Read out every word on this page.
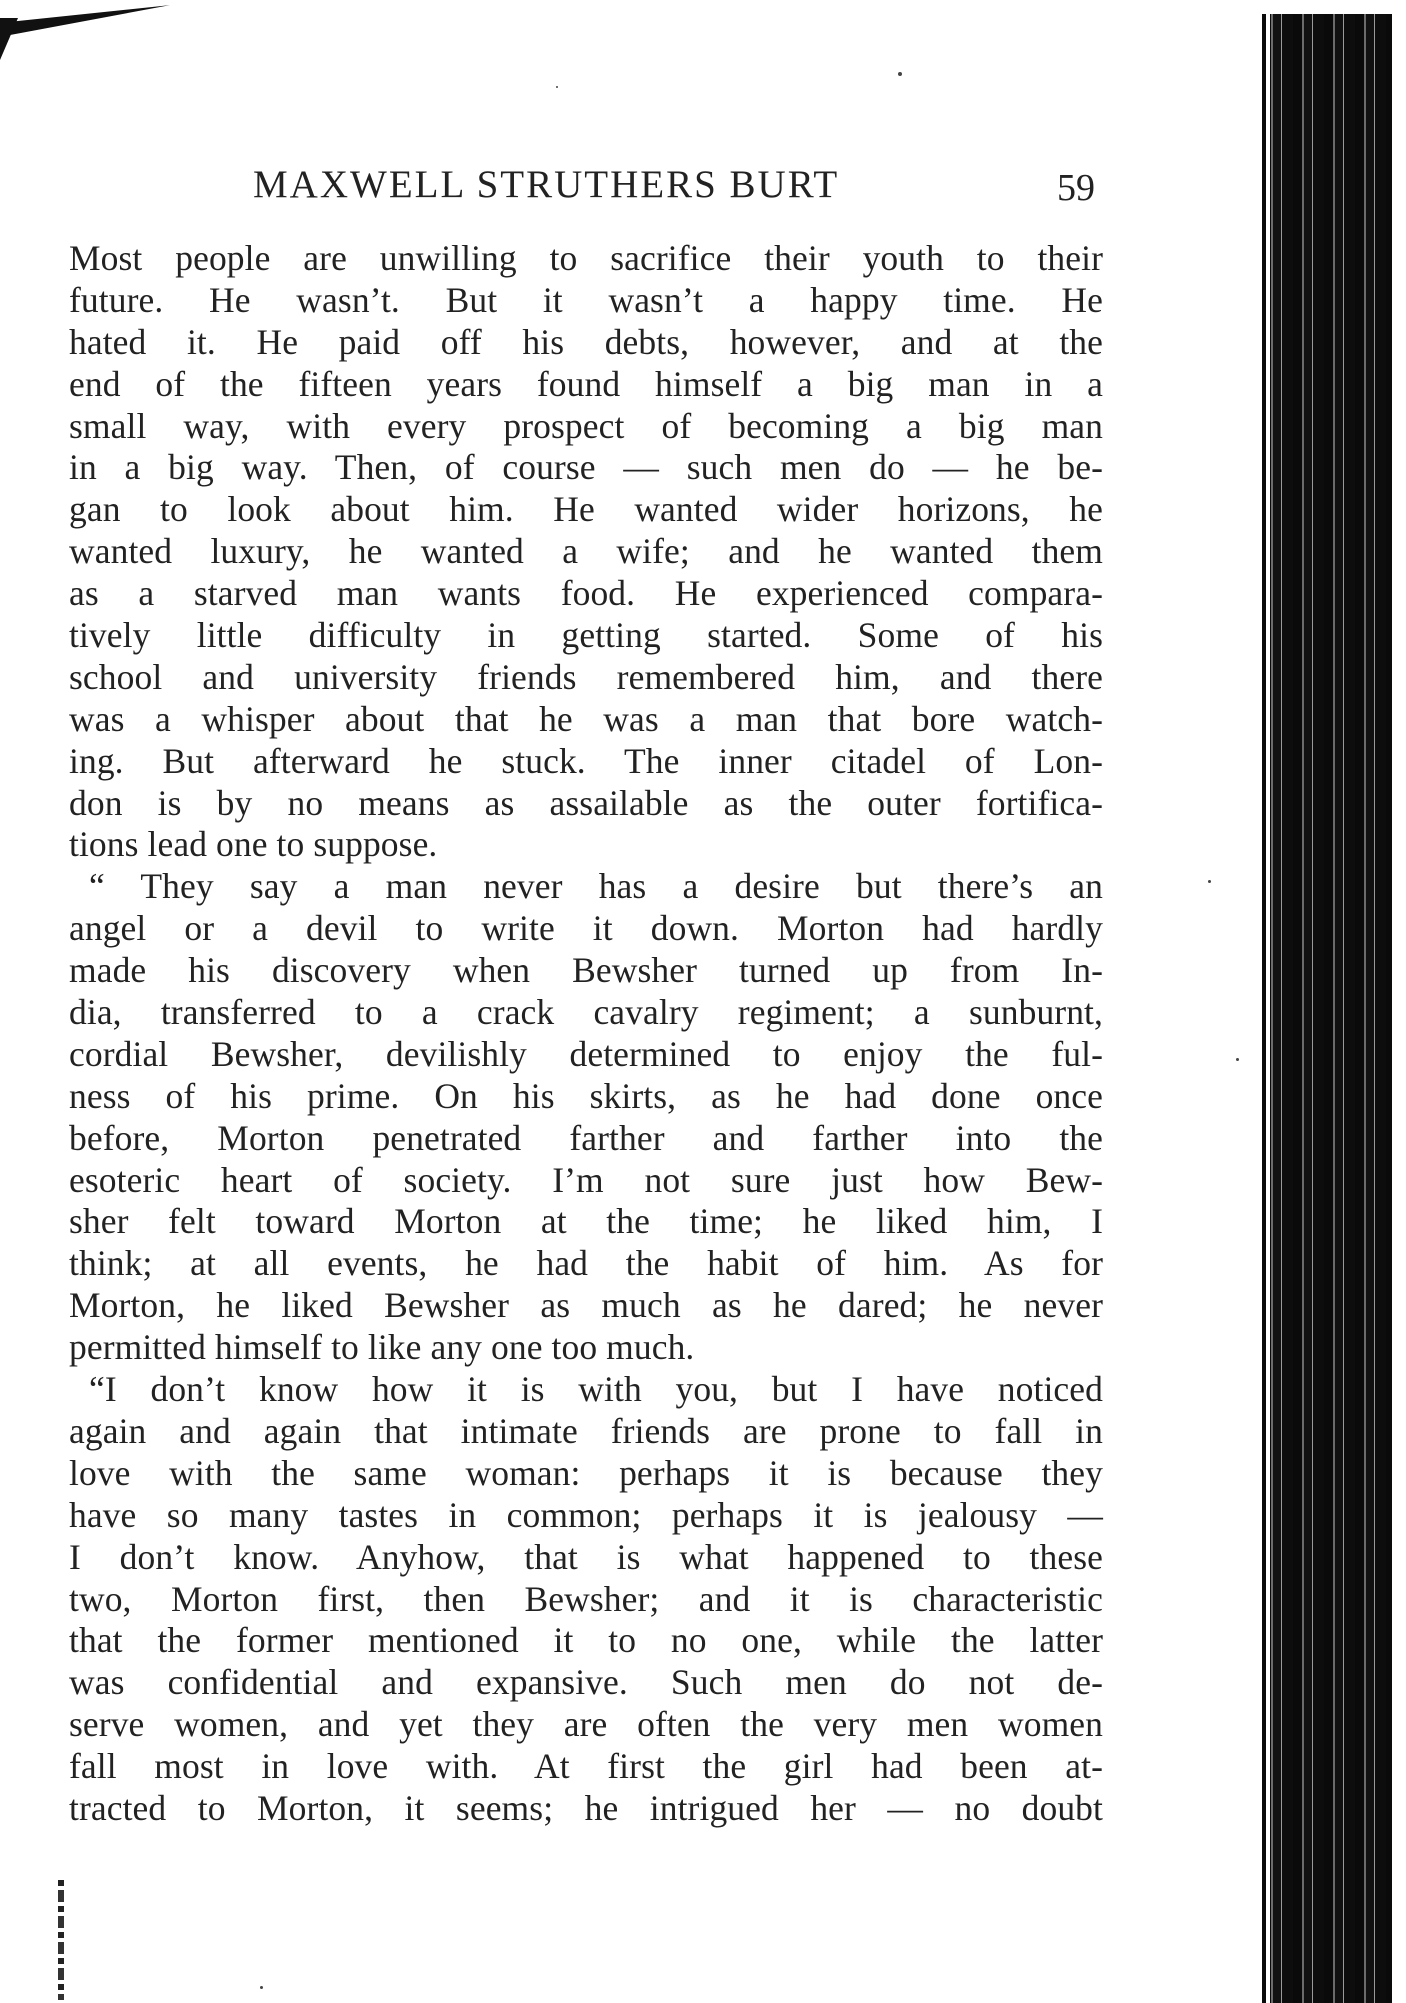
MAXWELL STRUTHERS BURT	59
Most people are unwilling to sacrifice their youth to their
future. He wasn’t. But it wasn’t a happy time. He
hated it. He paid off his debts, however, and at the
end of the fifteen years found himself a big man in a
small way, with every prospect of becoming a big man
in a big way. Then, of course — such men do — he be-
gan to look about him. He wanted wider horizons, he
wanted luxury, he wanted a wife; and he wanted them
as a starved man wants food. He experienced compara-
tively little difficulty in getting started. Some of his
school and university friends remembered him, and there
was a whisper about that he was a man that bore watch-
ing. But afterward he stuck. The inner citadel of Lon-
don is by no means as assailable as the outer fortifica-
tions lead one to suppose.
“ They say a man never has a desire but there’s an
angel or a devil to write it down. Morton had hardly
made his discovery when Bewsher turned up from In-
dia, transferred to a crack cavalry regiment; a sunburnt,
cordial Bewsher, devilishly determined to enjoy the ful-
ness of his prime. On his skirts, as he had done once
before, Morton penetrated farther and farther into the
esoteric heart of society. I’m not sure just how Bew-
sher felt toward Morton at the time; he liked him, I
think; at all events, he had the habit of him. As for
Morton, he liked Bewsher as much as he dared; he never
permitted himself to like any one too much.
“I don’t know how it is with you, but I have noticed
again and again that intimate friends are prone to fall in
love with the same woman: perhaps it is because they
have so many tastes in common; perhaps it is jealousy —
I don’t know. Anyhow, that is what happened to these
two, Morton first, then Bewsher; and it is characteristic
that the former mentioned it to no one, while the latter
was confidential and expansive. Such men do not de-
serve women, and yet they are often the very men women
fall most in love with. At first the girl had been at-
tracted to Morton, it seems; he intrigued her — no doubt
